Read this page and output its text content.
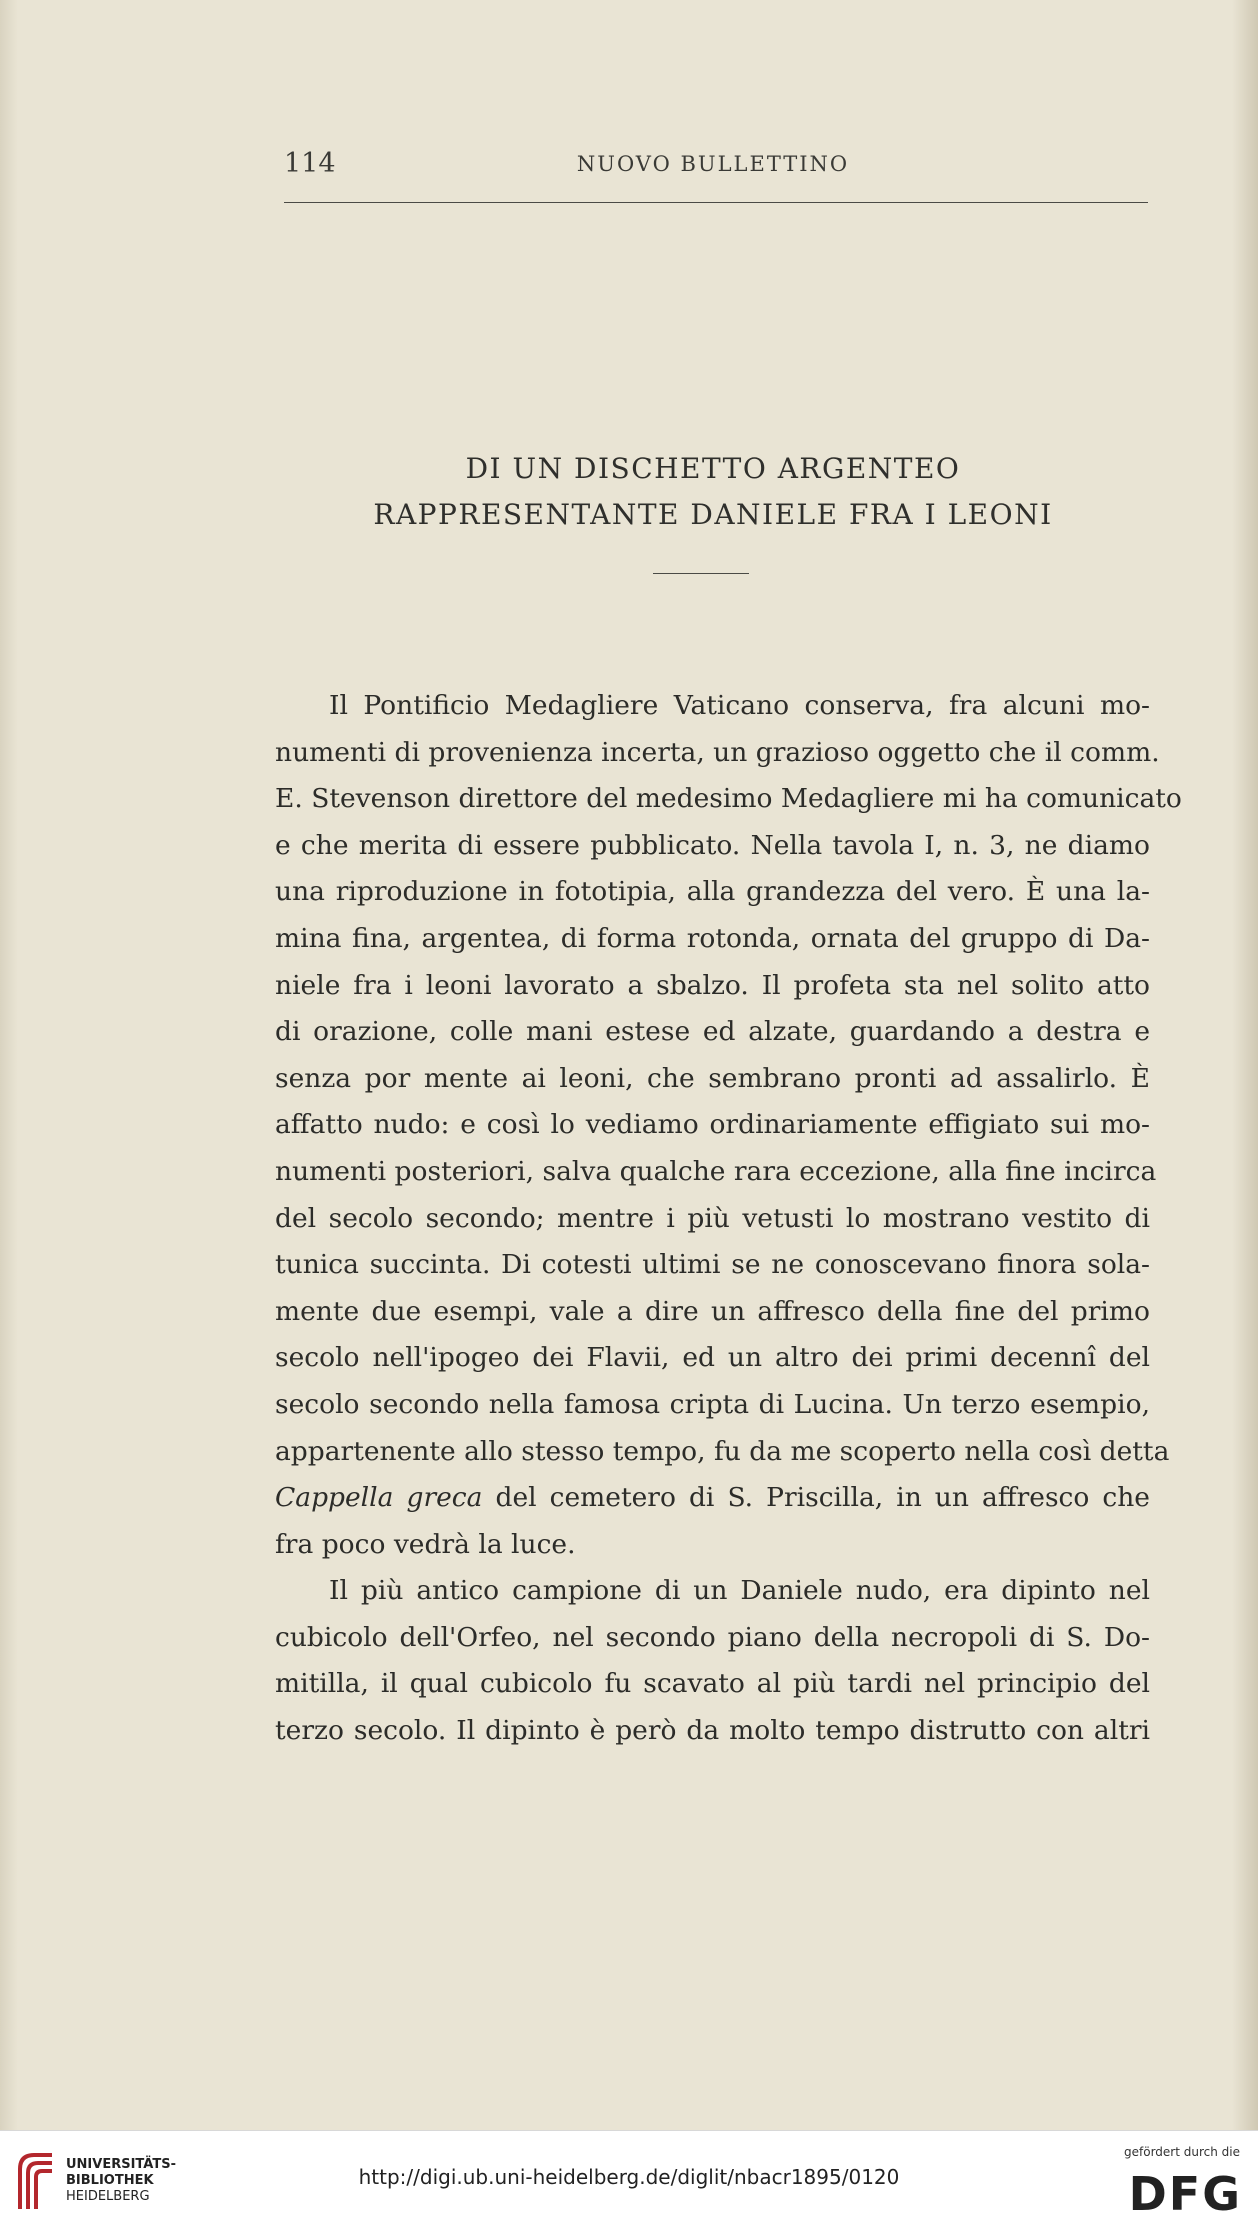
114	NUOVO BULLETTINO
DI UN DISCHETTO ARGENTEO
RAPPRESENTANTE DANIELE FRA I LEONI
Il Pontificio Medagliere Vaticano conserva, fra alcuni mo-
numenti di provenienza incerta, un grazioso oggetto che il comm.
E. Stevenson direttore del medesimo Medagliere mi ha comunicato
e che merita di essere pubblicato. Nella tavola I, n. 3, ne diamo
una riproduzione in fototipia, alla grandezza del vero. È una la-
mina fina, argentea, di forma rotonda, ornata del gruppo di Da-
niele fra i leoni lavorato a sbalzo. Il profeta sta nel solito atto
di orazione, colle mani estese ed alzate, guardando a destra e
senza por mente ai leoni, che sembrano pronti ad assalirlo. È
affatto nudo: e così lo vediamo ordinariamente effigiato sui mo-
numenti posteriori, salva qualche rara eccezione, alla fine incirca
del secolo secondo; mentre i più vetusti lo mostrano vestito di
tunica succinta. Di cotesti ultimi se ne conoscevano finora sola-
mente due esempi, vale a dire un affresco della fine del primo
secolo nell'ipogeo dei Flavii, ed un altro dei primi decennî del
secolo secondo nella famosa cripta di Lucina. Un terzo esempio,
appartenente allo stesso tempo, fu da me scoperto nella così detta
Cappella greca del cemetero di S. Priscilla, in un affresco che
fra poco vedrà la luce.
Il più antico campione di un Daniele nudo, era dipinto nel
cubicolo dell'Orfeo, nel secondo piano della necropoli di S. Do-
mitilla, il qual cubicolo fu scavato al più tardi nel principio del
terzo secolo. Il dipinto è però da molto tempo distrutto con altri
UNIVERSITÄTS-
BIBLIOTHEK
HEIDELBERG
http://digi.ub.uni-heidelberg.de/diglit/nbacr1895/0120
gefördert durch die
DFG
